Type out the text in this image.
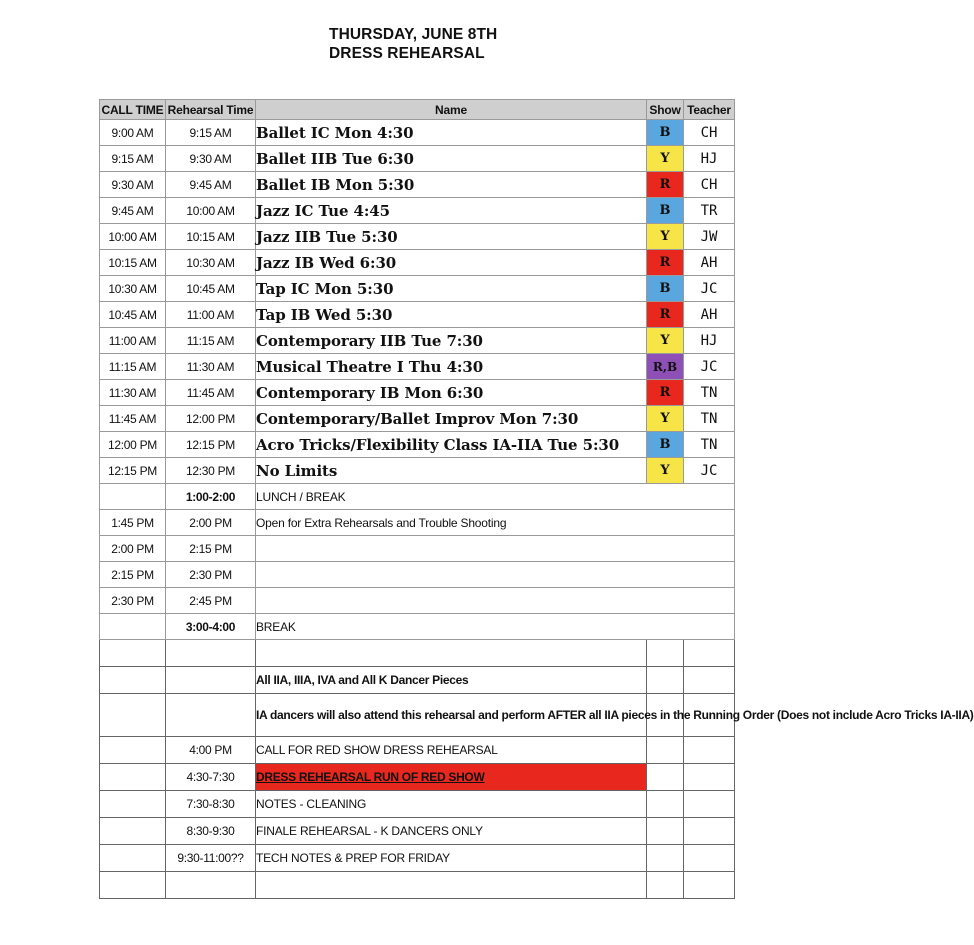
THURSDAY, JUNE 8TH
DRESS REHEARSAL
CALL TIME	Rehearsal Time	Name	Show	Teacher
9:00 AM	9:15 AM	Ballet IC Mon 4:30	B	CH
9:15 AM	9:30 AM	Ballet IIB Tue 6:30	Y	HJ
9:30 AM	9:45 AM	Ballet IB Mon 5:30	R	CH
9:45 AM	10:00 AM	Jazz IC Tue 4:45	B	TR
10:00 AM	10:15 AM	Jazz IIB Tue 5:30	Y	JW
10:15 AM	10:30 AM	Jazz IB Wed 6:30	R	AH
10:30 AM	10:45 AM	Tap IC Mon 5:30	B	JC
10:45 AM	11:00 AM	Tap IB Wed 5:30	R	AH
11:00 AM	11:15 AM	Contemporary IIB Tue 7:30	Y	HJ
11:15 AM	11:30 AM	Musical Theatre I Thu 4:30	R,B	JC
11:30 AM	11:45 AM	Contemporary IB Mon 6:30	R	TN
11:45 AM	12:00 PM	Contemporary/Ballet Improv Mon 7:30	Y	TN
12:00 PM	12:15 PM	Acro Tricks/Flexibility Class IA-IIA Tue 5:30	B	TN
12:15 PM	12:30 PM	No Limits	Y	JC
	1:00-2:00	LUNCH / BREAK		
1:45 PM	2:00 PM	Open for Extra Rehearsals and Trouble Shooting		
2:00 PM	2:15 PM			
2:15 PM	2:30 PM			
2:30 PM	2:45 PM			
	3:00-4:00	BREAK		

		All IIA, IIIA, IVA and All K Dancer Pieces		
		IA dancers will also attend this rehearsal and perform AFTER all IIA pieces in the Running Order (Does not include Acro Tricks IA-IIA)		
	4:00 PM	CALL FOR RED SHOW DRESS REHEARSAL		
	4:30-7:30	DRESS REHEARSAL RUN OF RED SHOW		
	7:30-8:30	NOTES - CLEANING		
	8:30-9:30	FINALE REHEARSAL - K DANCERS ONLY		
	9:30-11:00??	TECH NOTES & PREP FOR FRIDAY		
